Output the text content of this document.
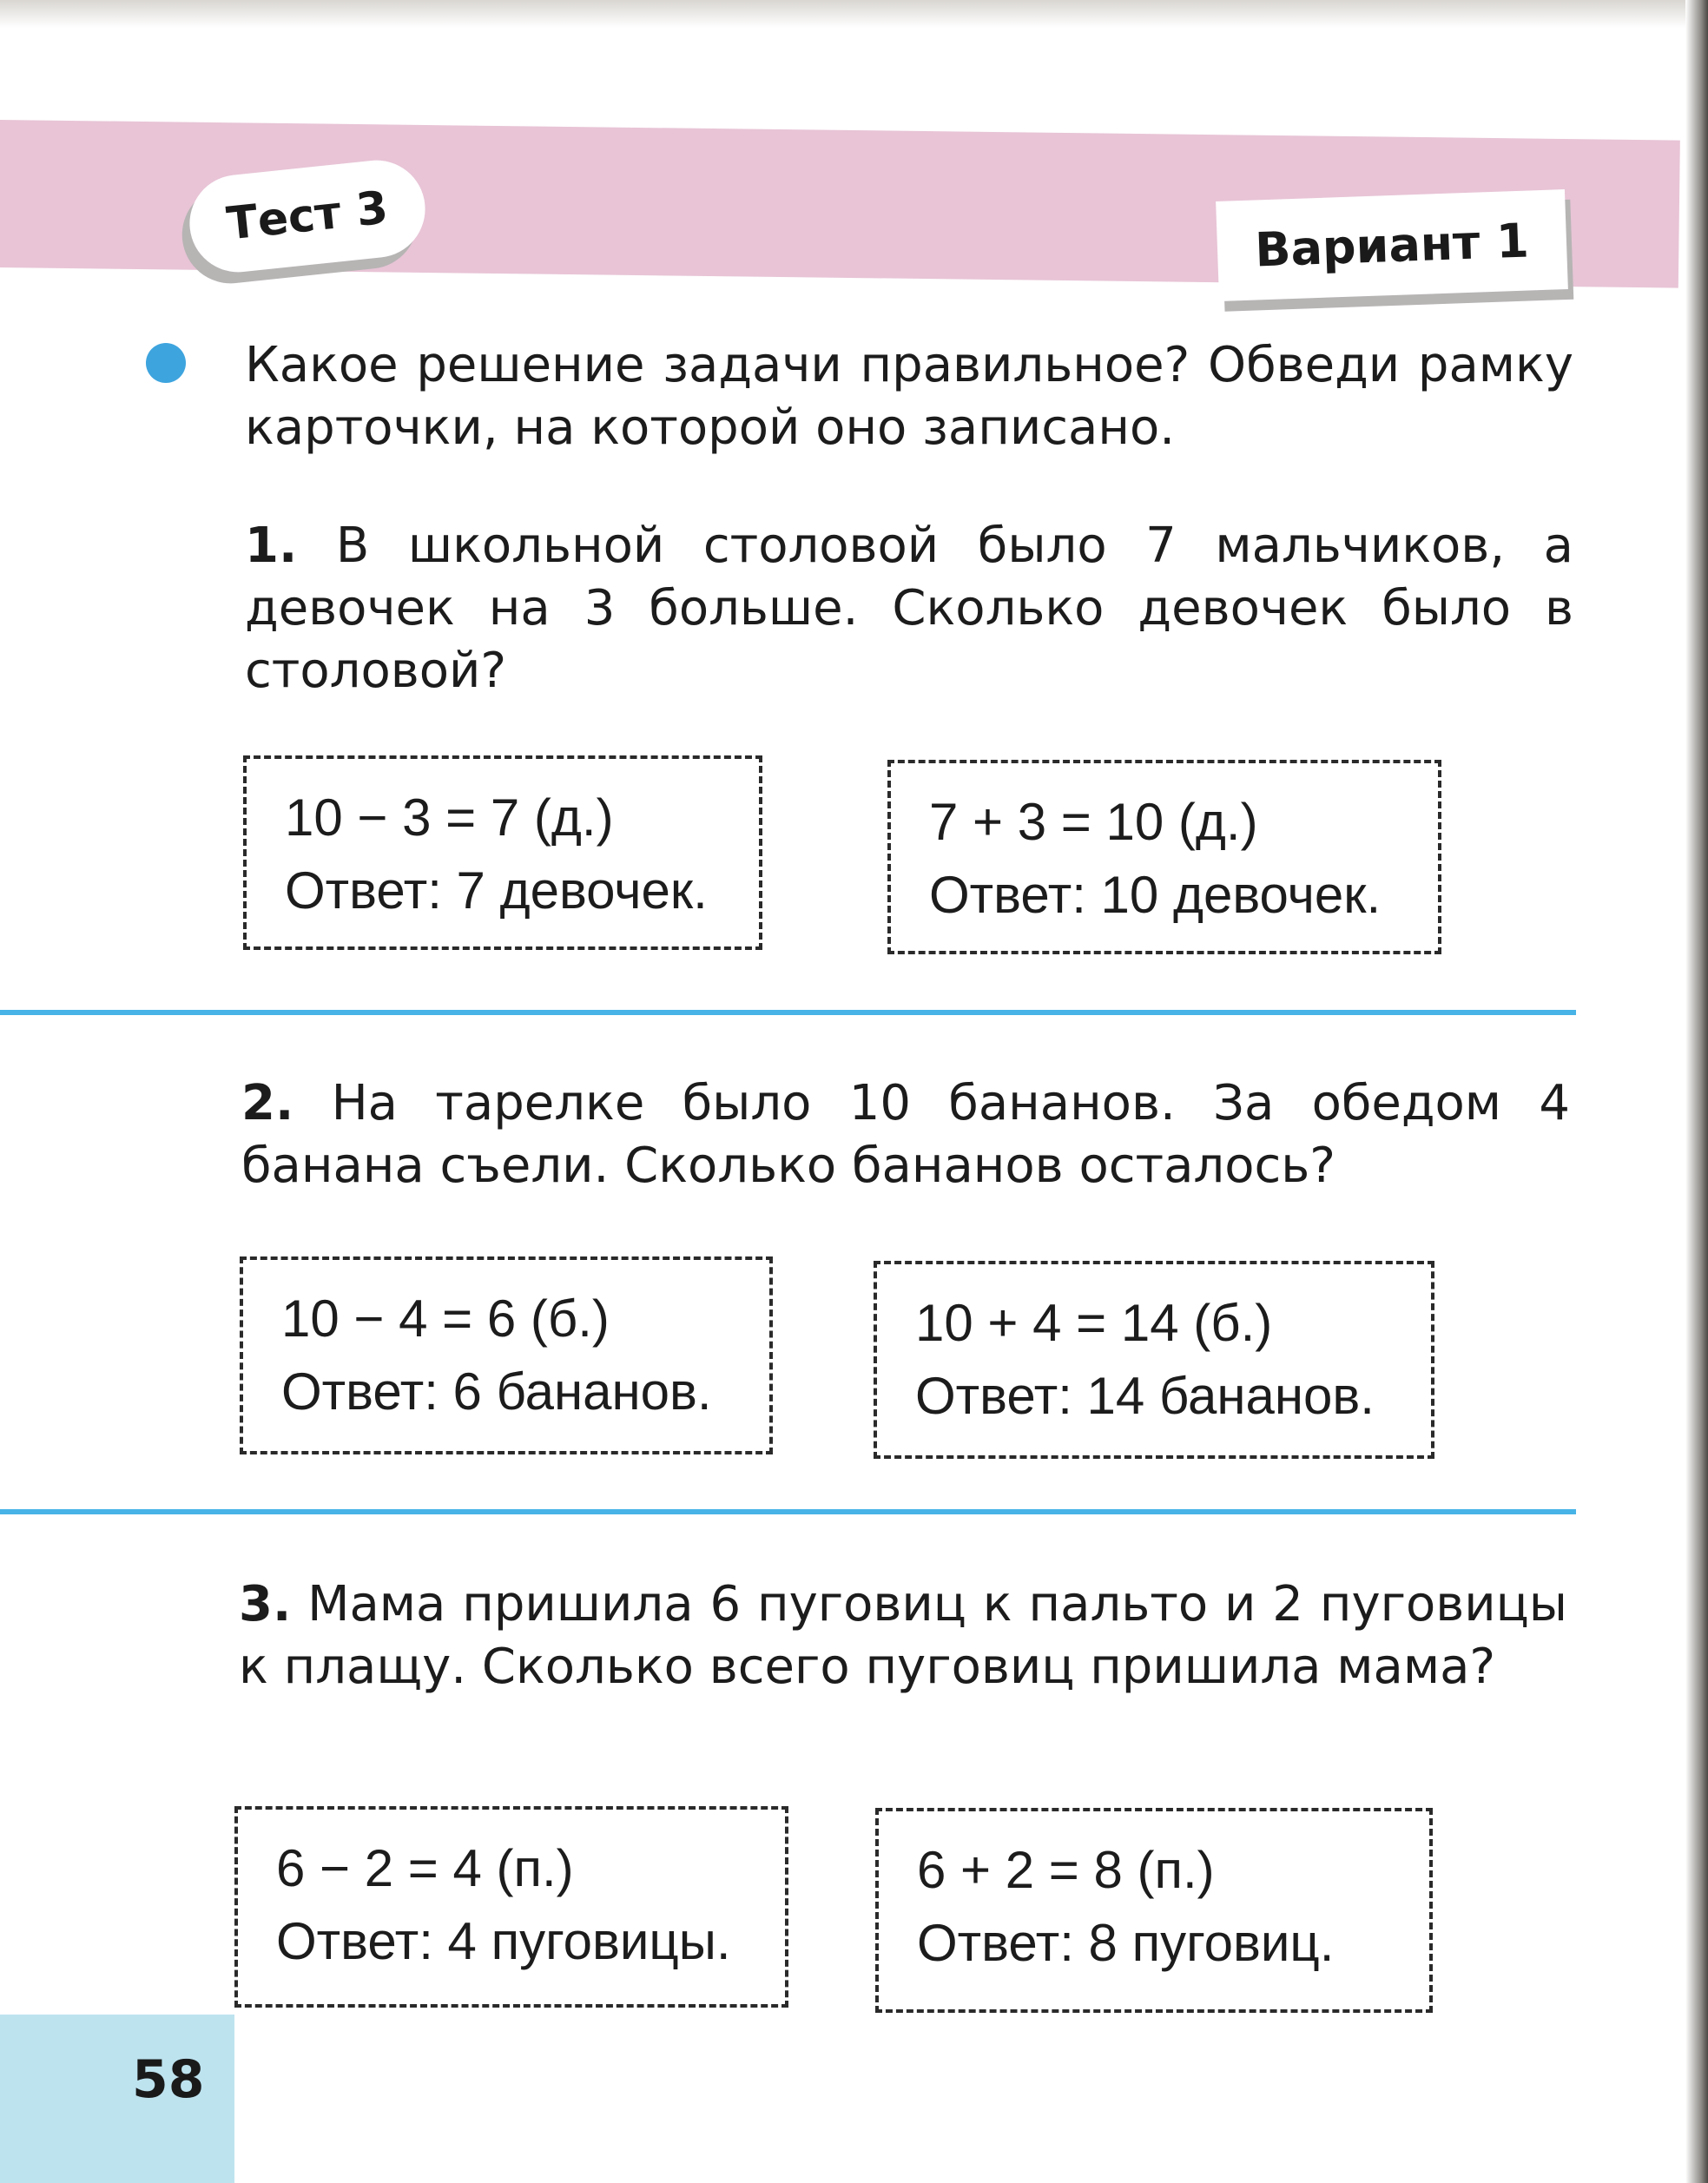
Тест 3	Вариант 1
Какое решение задачи правильное? Обведи рамку карточки, на которой оно записано.
1. В школьной столовой было 7 мальчиков, а девочек на 3 больше. Сколько девочек было в столовой?
10 − 3 = 7 (д.)
Ответ: 7 девочек.
7 + 3 = 10 (д.)
Ответ: 10 девочек.
2. На тарелке было 10 бананов. За обедом 4 банана съели. Сколько бананов осталось?
10 − 4 = 6 (б.)
Ответ: 6 бананов.
10 + 4 = 14 (б.)
Ответ: 14 бананов.
3. Мама пришила 6 пуговиц к пальто и 2 пуговицы к плащу. Сколько всего пуговиц пришила мама?
6 − 2 = 4 (п.)
Ответ: 4 пуговицы.
6 + 2 = 8 (п.)
Ответ: 8 пуговиц.
58
